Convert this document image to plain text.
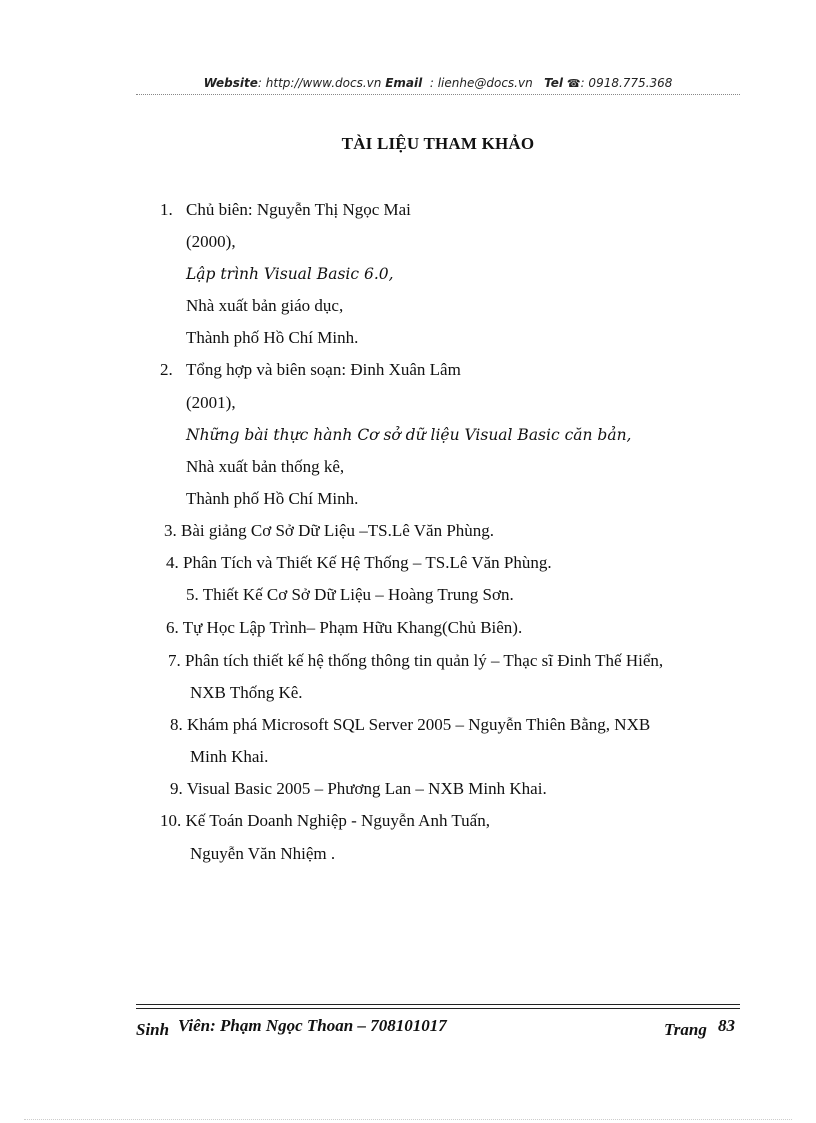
Website: http://www.docs.vn Email : lienhe@docs.vn Tel ☎: 0918.775.368
TÀI LIỆU THAM KHẢO
1. Chủ biên: Nguyễn Thị Ngọc Mai
(2000),
Lập trình Visual Basic 6.0,
Nhà xuất bản giáo dục,
Thành phố Hồ Chí Minh.
2. Tổng hợp và biên soạn: Đinh Xuân Lâm
(2001),
Những bài thực hành Cơ sở dữ liệu Visual Basic căn bản,
Nhà xuất bản thống kê,
Thành phố Hồ Chí Minh.
3. Bài giảng Cơ Sở Dữ Liệu –TS.Lê Văn Phùng.
4. Phân Tích và Thiết Kế Hệ Thống – TS.Lê Văn Phùng.
5. Thiết Kế Cơ Sở Dữ Liệu – Hoàng Trung Sơn.
6. Tự Học Lập Trình– Phạm Hữu Khang(Chủ Biên).
7. Phân tích thiết kế hệ thống thông tin quản lý – Thạc sĩ Đinh Thế Hiển,
NXB Thống Kê.
8. Khám phá Microsoft SQL Server 2005 – Nguyễn Thiên Bằng, NXB
Minh Khai.
9. Visual Basic 2005 – Phương Lan – NXB Minh Khai.
10. Kế Toán Doanh Nghiệp - Nguyễn Anh Tuấn,
Nguyễn Văn Nhiệm .
Sinh Viên: Phạm Ngọc Thoan – 708101017	Trang 83
